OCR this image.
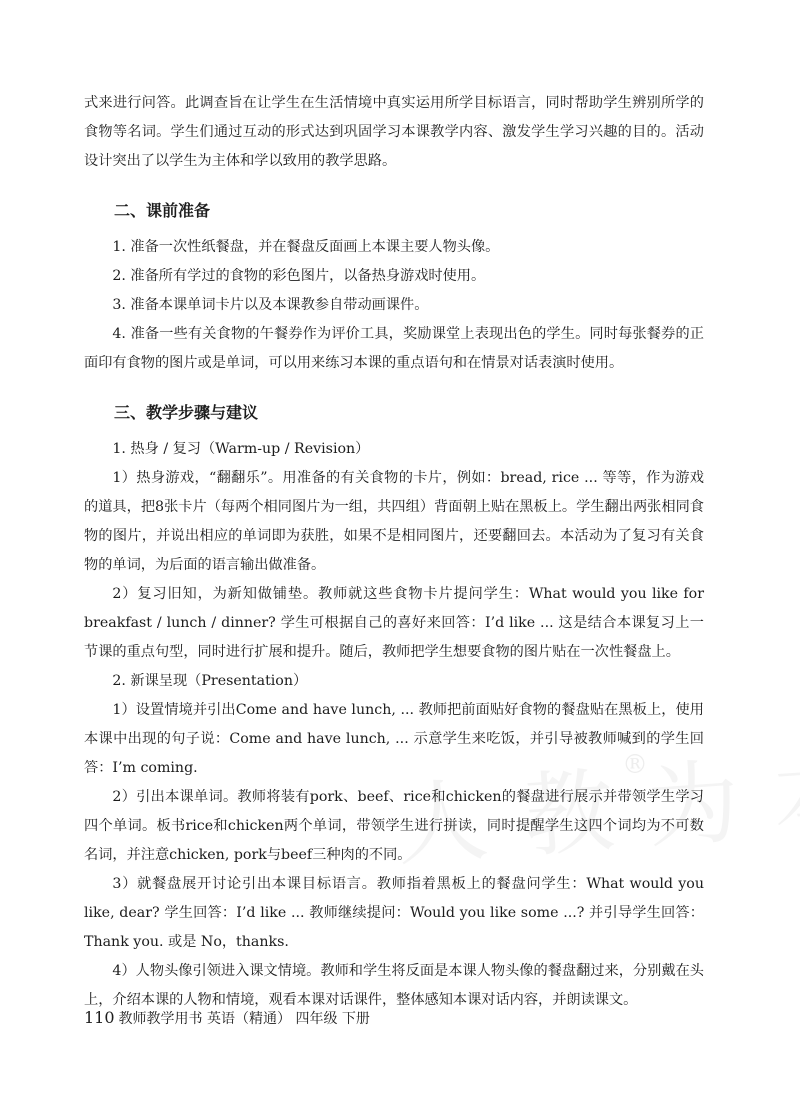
®

式来进行问答。此调查旨在让学生在生活情境中真实运用所学目标语言，同时帮助学生辨别所学的食物等名词。学生们通过互动的形式达到巩固学习本课教学内容、激发学生学习兴趣的目的。活动设计突出了以学生为主体和学以致用的教学思路。

二、课前准备

1. 准备一次性纸餐盘，并在餐盘反面画上本课主要人物头像。

2. 准备所有学过的食物的彩色图片，以备热身游戏时使用。

3. 准备本课单词卡片以及本课教参自带动画课件。

4. 准备一些有关食物的午餐券作为评价工具，奖励课堂上表现出色的学生。同时每张餐券的正面印有食物的图片或是单词，可以用来练习本课的重点语句和在情景对话表演时使用。

三、教学步骤与建议

1. 热身 / 复习（Warm-up / Revision）

1）热身游戏，“翻翻乐”。用准备的有关食物的卡片，例如：bread, rice ... 等等，作为游戏的道具，把8张卡片（每两个相同图片为一组，共四组）背面朝上贴在黑板上。学生翻出两张相同食物的图片，并说出相应的单词即为获胜，如果不是相同图片，还要翻回去。本活动为了复习有关食物的单词，为后面的语言输出做准备。

2）复习旧知，为新知做铺垫。教师就这些食物卡片提问学生：What would you like for breakfast / lunch / dinner? 学生可根据自己的喜好来回答：I’d like ... 这是结合本课复习上一节课的重点句型，同时进行扩展和提升。随后，教师把学生想要食物的图片贴在一次性餐盘上。

2. 新课呈现（Presentation）

1）设置情境并引出Come and have lunch, ... 教师把前面贴好食物的餐盘贴在黑板上，使用本课中出现的句子说：Come and have lunch, ... 示意学生来吃饭，并引导被教师喊到的学生回答：I’m coming.

2）引出本课单词。教师将装有pork、beef、rice和chicken的餐盘进行展示并带领学生学习四个单词。板书rice和chicken两个单词，带领学生进行拼读，同时提醒学生这四个词均为不可数名词，并注意chicken, pork与beef三种肉的不同。

3）就餐盘展开讨论引出本课目标语言。教师指着黑板上的餐盘问学生：What would you like, dear? 学生回答：I’d like ... 教师继续提问：Would you like some ...? 并引导学生回答：Thank you. 或是 No，thanks.

4）人物头像引领进入课文情境。教师和学生将反面是本课人物头像的餐盘翻过来，分别戴在头上，介绍本课的人物和情境，观看本课对话课件，整体感知本课对话内容，并朗读课文。

110 教师教学用书 英语（精通） 四年级 下册
